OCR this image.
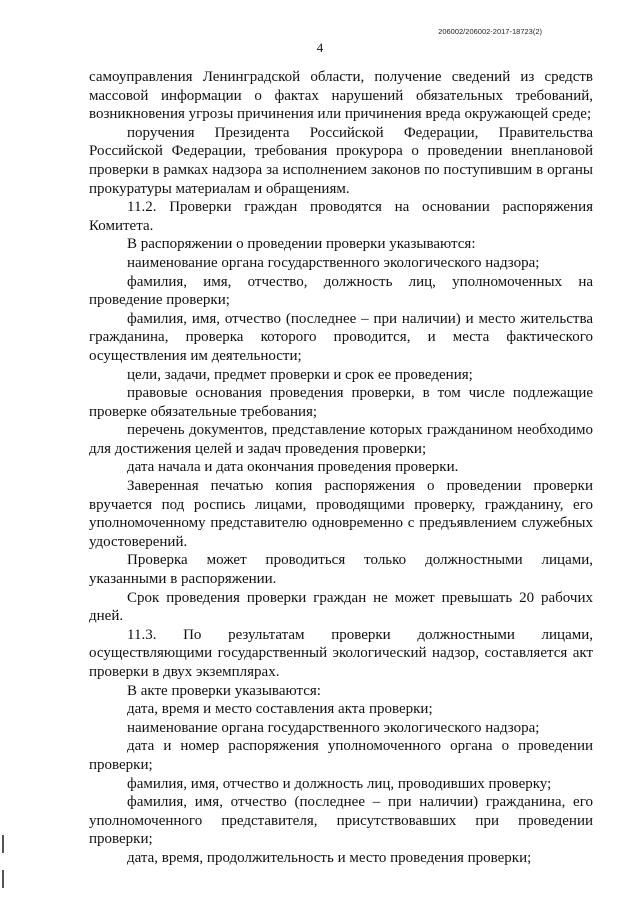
206002/206002-2017-18723(2)
4

самоуправления Ленинградской области, получение сведений из средств массовой информации о фактах нарушений обязательных требований, возникновения угрозы причинения или причинения вреда окружающей среде;

поручения Президента Российской Федерации, Правительства Российской Федерации, требования прокурора о проведении внеплановой проверки в рамках надзора за исполнением законов по поступившим в органы прокуратуры материалам и обращениям.

11.2. Проверки граждан проводятся на основании распоряжения Комитета.

В распоряжении о проведении проверки указываются:

наименование органа государственного экологического надзора;

фамилия, имя, отчество, должность лиц, уполномоченных на проведение проверки;

фамилия, имя, отчество (последнее – при наличии) и место жительства гражданина, проверка которого проводится, и места фактического осуществления им деятельности;

цели, задачи, предмет проверки и срок ее проведения;

правовые основания проведения проверки, в том числе подлежащие проверке обязательные требования;

перечень документов, представление которых гражданином необходимо для достижения целей и задач проведения проверки;

дата начала и дата окончания проведения проверки.

Заверенная печатью копия распоряжения о проведении проверки вручается под роспись лицами, проводящими проверку, гражданину, его уполномоченному представителю одновременно с предъявлением служебных удостоверений.

Проверка может проводиться только должностными лицами, указанными в распоряжении.

Срок проведения проверки граждан не может превышать 20 рабочих дней.

11.3. По результатам проверки должностными лицами, осуществляющими государственный экологический надзор, составляется акт проверки в двух экземплярах.

В акте проверки указываются:

дата, время и место составления акта проверки;

наименование органа государственного экологического надзора;

дата и номер распоряжения уполномоченного органа о проведении проверки;

фамилия, имя, отчество и должность лиц, проводивших проверку;

фамилия, имя, отчество (последнее – при наличии) гражданина, его уполномоченного представителя, присутствовавших при проведении проверки;

дата, время, продолжительность и место проведения проверки;
